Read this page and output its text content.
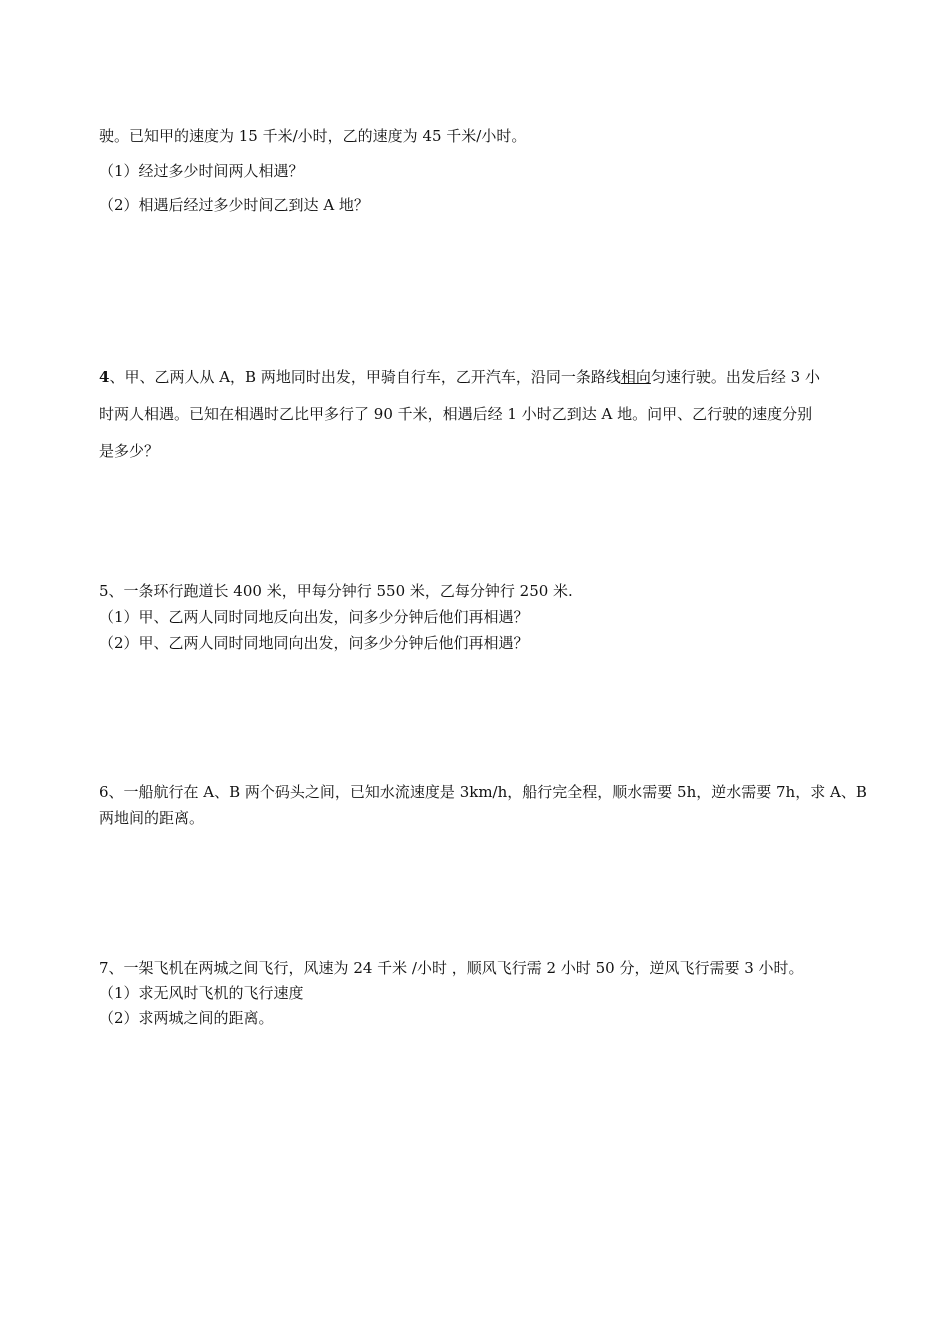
驶。已知甲的速度为 15 千米/小时，乙的速度为 45 千米/小时。

（1）经过多少时间两人相遇？

（2）相遇后经过多少时间乙到达 A 地？

4、甲、乙两人从 A，B 两地同时出发，甲骑自行车，乙开汽车，沿同一条路线相向匀速行驶。出发后经 3 小

时两人相遇。已知在相遇时乙比甲多行了 90 千米，相遇后经 1 小时乙到达 A 地。问甲、乙行驶的速度分别

是多少？

5、一条环行跑道长 400 米，甲每分钟行 550 米，乙每分钟行 250 米.

（1）甲、乙两人同时同地反向出发，问多少分钟后他们再相遇？

（2）甲、乙两人同时同地同向出发，问多少分钟后他们再相遇？

6、一船航行在 A、B 两个码头之间，已知水流速度是 3km/h，船行完全程，顺水需要 5h，逆水需要 7h，求 A、B

两地间的距离。

7、一架飞机在两城之间飞行，风速为 24 千米 /小时 ，顺风飞行需 2 小时 50 分，逆风飞行需要 3 小时。

（1）求无风时飞机的飞行速度

（2）求两城之间的距离。
